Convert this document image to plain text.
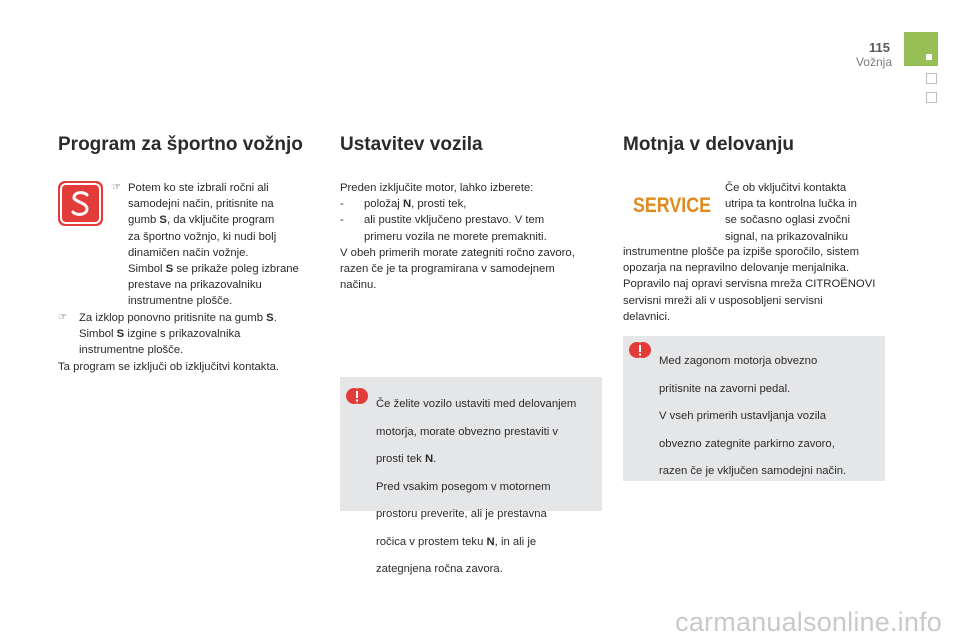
115
Vožnja
Program za športno vožnjo
☞ Potem ko ste izbrali ročni ali

samodejni način, pritisnite na

gumb S, da vključite program

za športno vožnjo, ki nudi bolj

dinamičen način vožnje.

Simbol S se prikaže poleg izbrane

prestave na prikazovalniku

instrumentne plošče.

☞ Za izklop ponovno pritisnite na gumb S.

Simbol S izgine s prikazovalnika

instrumentne plošče.

Ta program se izključi ob izključitvi kontakta.

Ustavitev vozila

Preden izključite motor, lahko izberete:

- položaj N, prosti tek,

- ali pustite vključeno prestavo. V tem

primeru vozila ne morete premakniti.

V obeh primerih morate zategniti ročno zavoro,

razen če je ta programirana v samodejnem

načinu.

Če želite vozilo ustaviti med delovanjem

motorja, morate obvezno prestaviti v

prosti tek N.

Pred vsakim posegom v motornem

prostoru preverite, ali je prestavna

ročica v prostem teku N, in ali je

zategnjena ročna zavora.

Motnja v delovanju
SERVICE

Če ob vključitvi kontakta

utripa ta kontrolna lučka in

se sočasno oglasi zvočni

signal, na prikazovalniku

instrumentne plošče pa izpiše sporočilo, sistem

opozarja na nepravilno delovanje menjalnika.

Popravilo naj opravi servisna mreža CITROËNOVI

servisni mreži ali v usposobljeni servisni

delavnici.

Med zagonom motorja obvezno

pritisnite na zavorni pedal.

V vseh primerih ustavljanja vozila

obvezno zategnite parkirno zavoro,

razen če je vključen samodejni način.

carmanualsonline.info
